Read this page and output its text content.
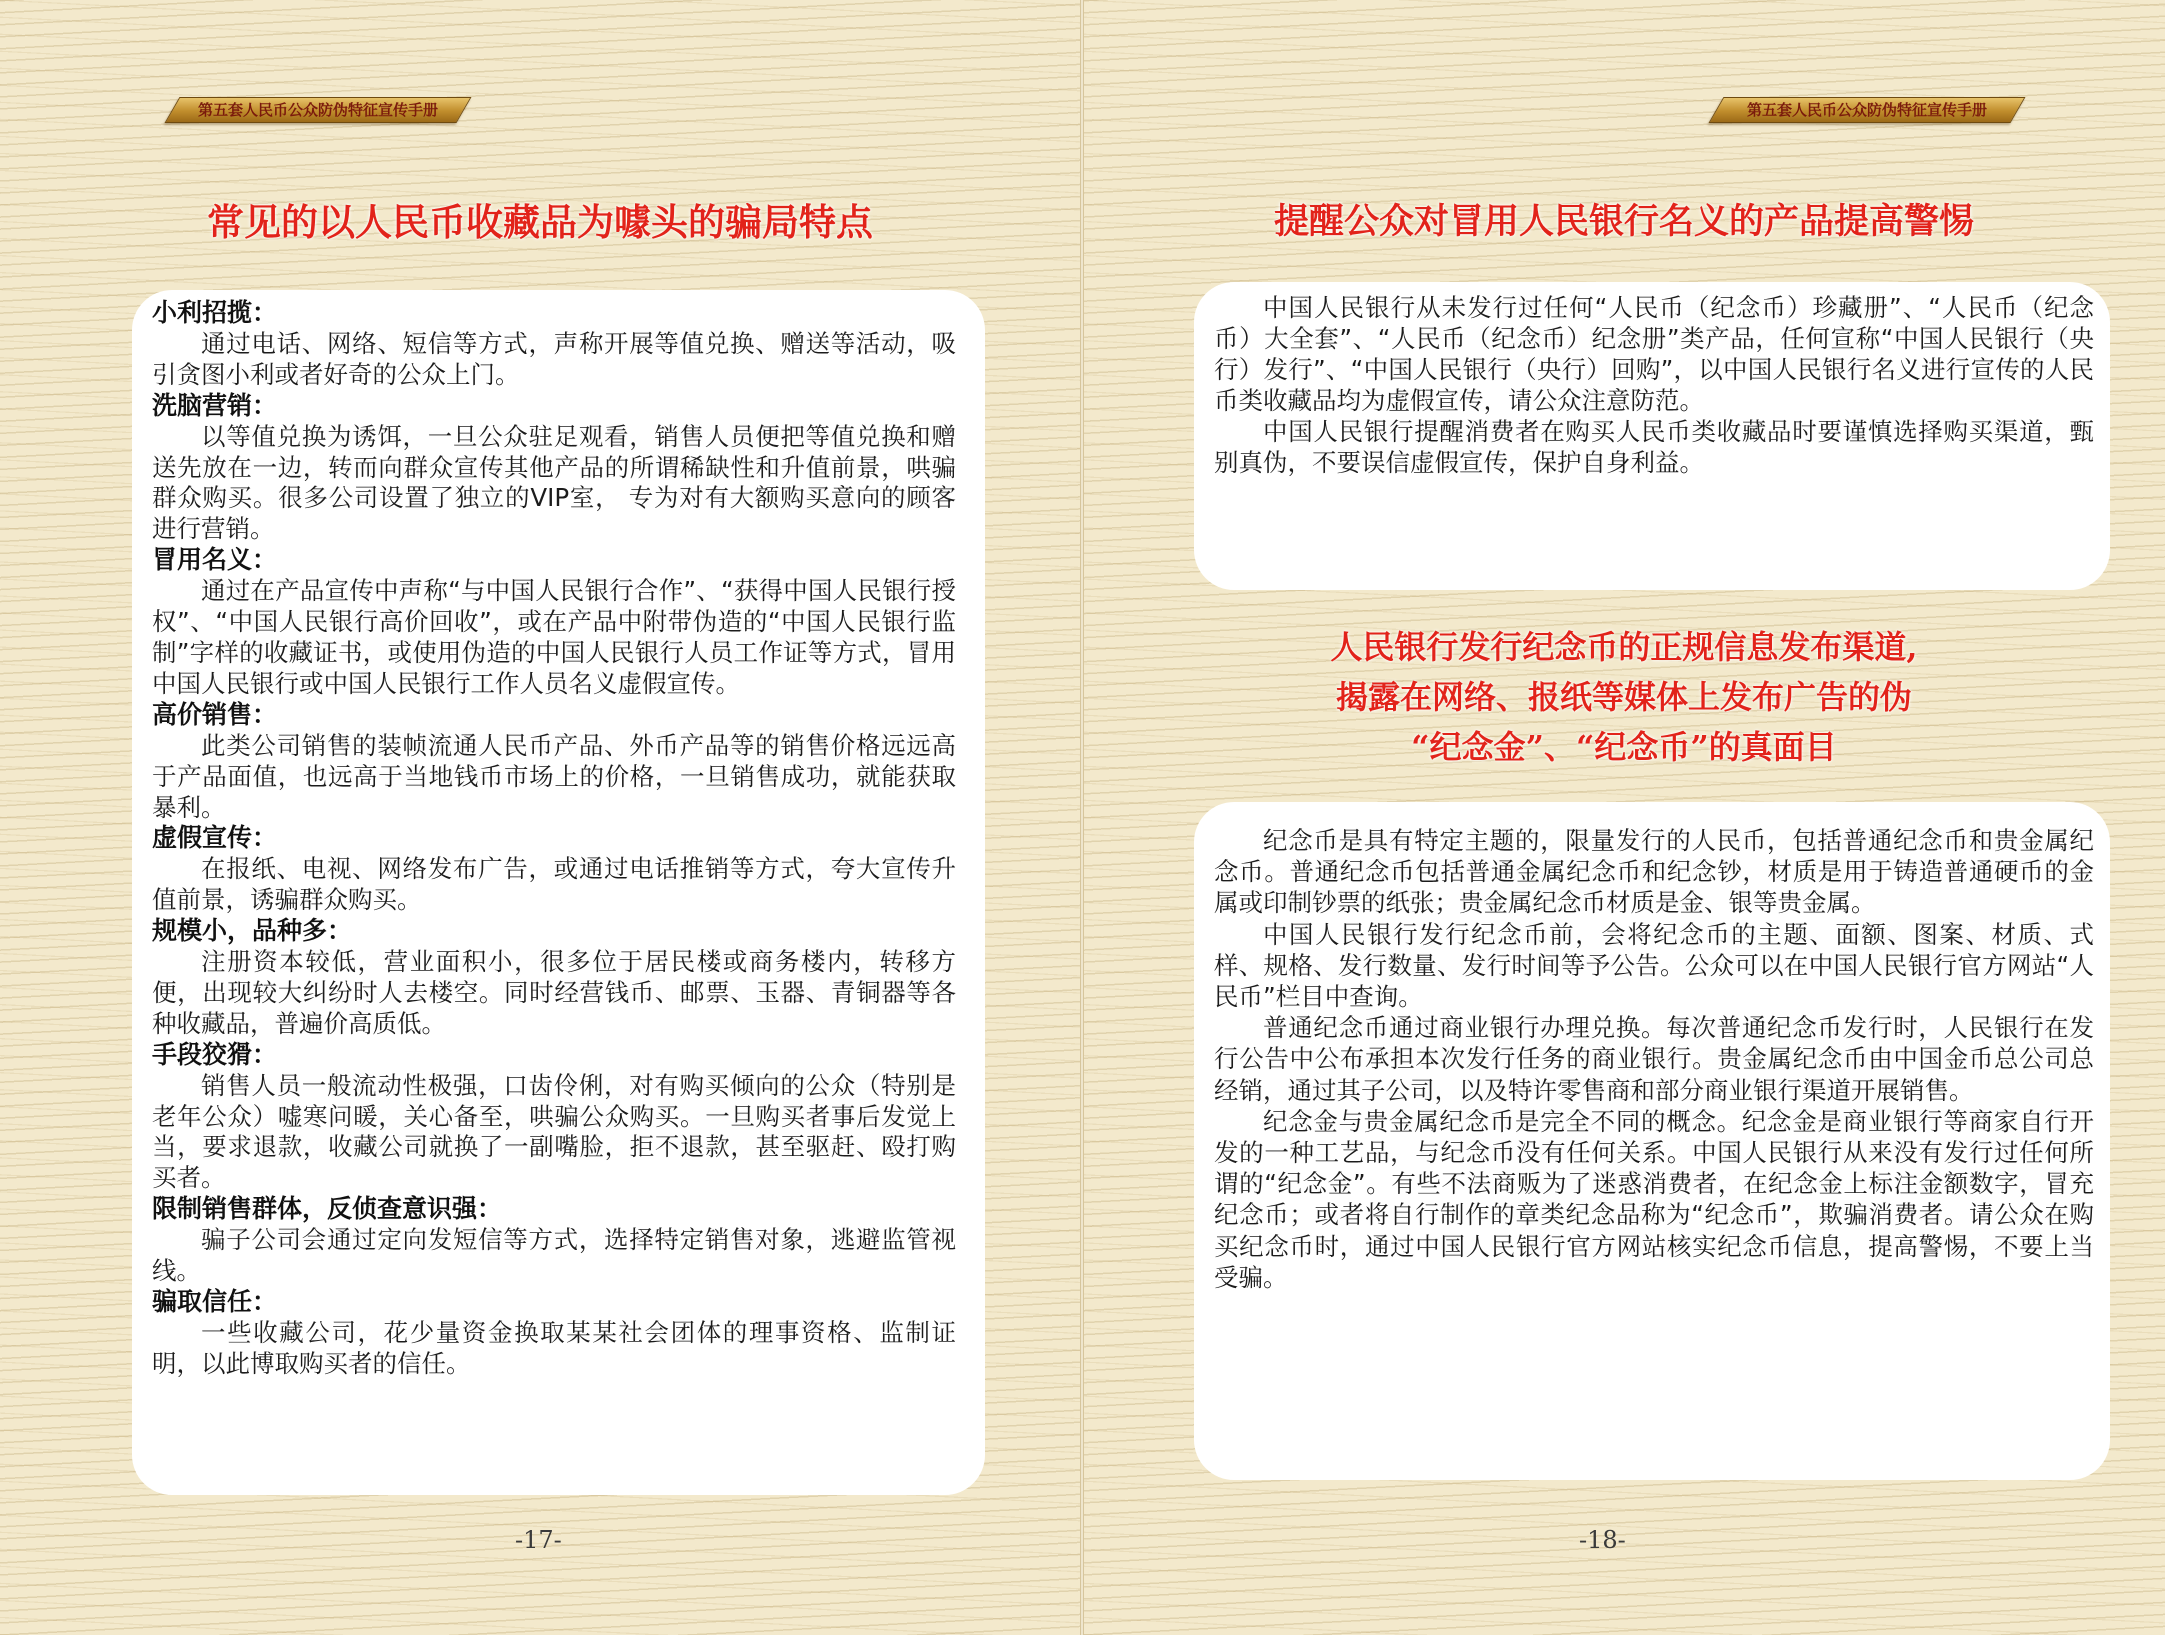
第五套人民币公众防伪特征宣传手册
常见的以人民币收藏品为噱头的骗局特点
小利招揽：

通过电话、网络、短信等方式，声称开展等值兑换、赠送等活动，吸引贪图小利或者好奇的公众上门。

洗脑营销：

以等值兑换为诱饵，一旦公众驻足观看，销售人员便把等值兑换和赠送先放在一边，转而向群众宣传其他产品的所谓稀缺性和升值前景，哄骗群众购买。很多公司设置了独立的VIP室， 专为对有大额购买意向的顾客进行营销。

冒用名义：

通过在产品宣传中声称“与中国人民银行合作”、“获得中国人民银行授权”、“中国人民银行高价回收”，或在产品中附带伪造的“中国人民银行监制”字样的收藏证书，或使用伪造的中国人民银行人员工作证等方式，冒用中国人民银行或中国人民银行工作人员名义虚假宣传。

高价销售：

此类公司销售的装帧流通人民币产品、外币产品等的销售价格远远高于产品面值，也远高于当地钱币市场上的价格，一旦销售成功，就能获取暴利。

虚假宣传：

在报纸、电视、网络发布广告，或通过电话推销等方式，夸大宣传升值前景，诱骗群众购买。

规模小，品种多：

注册资本较低，营业面积小，很多位于居民楼或商务楼内，转移方便，出现较大纠纷时人去楼空。同时经营钱币、邮票、玉器、青铜器等各种收藏品，普遍价高质低。

手段狡猾：

销售人员一般流动性极强，口齿伶俐，对有购买倾向的公众（特别是老年公众）嘘寒问暖，关心备至，哄骗公众购买。一旦购买者事后发觉上当，要求退款，收藏公司就换了一副嘴脸，拒不退款，甚至驱赶、殴打购买者。

限制销售群体，反侦查意识强：

骗子公司会通过定向发短信等方式，选择特定销售对象，逃避监管视线。

骗取信任：

一些收藏公司，花少量资金换取某某社会团体的理事资格、监制证明，以此博取购买者的信任。

-17-
第五套人民币公众防伪特征宣传手册
提醒公众对冒用人民银行名义的产品提高警惕

中国人民银行从未发行过任何“人民币（纪念币）珍藏册”、“人民币（纪念币）大全套”、“人民币（纪念币）纪念册”类产品，任何宣称“中国人民银行（央行）发行”、“中国人民银行（央行）回购”，以中国人民银行名义进行宣传的人民币类收藏品均为虚假宣传，请公众注意防范。

中国人民银行提醒消费者在购买人民币类收藏品时要谨慎选择购买渠道，甄别真伪，不要误信虚假宣传，保护自身利益。

人民银行发行纪念币的正规信息发布渠道,
揭露在网络、报纸等媒体上发布广告的伪
“纪念金”、“纪念币”的真面目

纪念币是具有特定主题的，限量发行的人民币，包括普通纪念币和贵金属纪念币。普通纪念币包括普通金属纪念币和纪念钞，材质是用于铸造普通硬币的金属或印制钞票的纸张；贵金属纪念币材质是金、银等贵金属。

中国人民银行发行纪念币前，会将纪念币的主题、面额、图案、材质、式样、规格、发行数量、发行时间等予公告。公众可以在中国人民银行官方网站“人民币”栏目中查询。

普通纪念币通过商业银行办理兑换。每次普通纪念币发行时，人民银行在发行公告中公布承担本次发行任务的商业银行。贵金属纪念币由中国金币总公司总经销，通过其子公司，以及特许零售商和部分商业银行渠道开展销售。

纪念金与贵金属纪念币是完全不同的概念。纪念金是商业银行等商家自行开发的一种工艺品，与纪念币没有任何关系。中国人民银行从来没有发行过任何所谓的“纪念金”。有些不法商贩为了迷惑消费者，在纪念金上标注金额数字，冒充纪念币；或者将自行制作的章类纪念品称为“纪念币”，欺骗消费者。请公众在购买纪念币时，通过中国人民银行官方网站核实纪念币信息，提高警惕，不要上当受骗。

-18-
